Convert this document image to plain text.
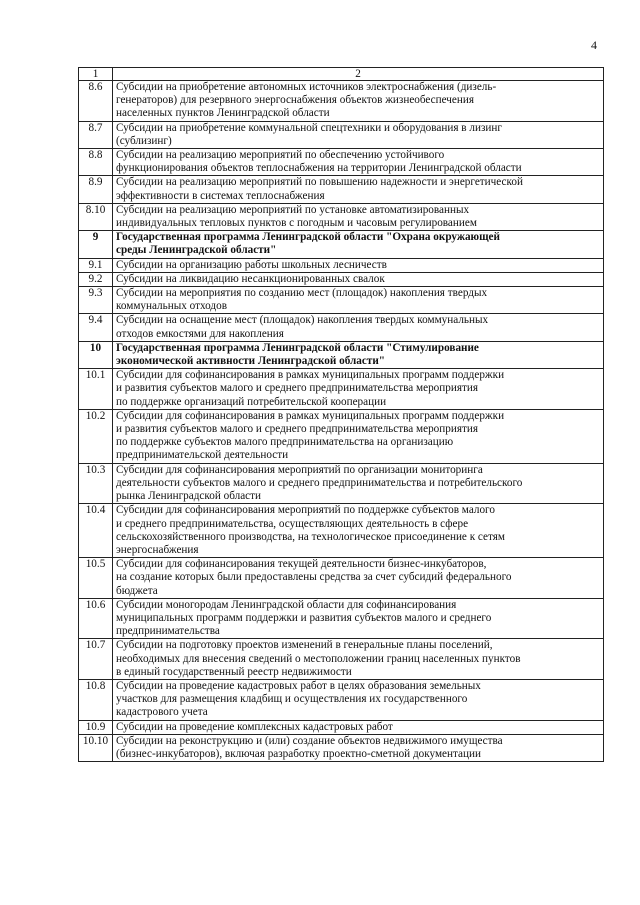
4
1	2
8.6	Субсидии на приобретение автономных источников электроснабжения (дизель-
генераторов) для резервного энергоснабжения объектов жизнеобеспечения
населенных пунктов Ленинградской области
8.7	Субсидии на приобретение коммунальной спецтехники и оборудования в лизинг
(сублизинг)
8.8	Субсидии на реализацию мероприятий по обеспечению устойчивого
функционирования объектов теплоснабжения на территории Ленинградской области
8.9	Субсидии на реализацию мероприятий по повышению надежности и энергетической
эффективности в системах теплоснабжения
8.10	Субсидии на реализацию мероприятий по установке автоматизированных
индивидуальных тепловых пунктов с погодным и часовым регулированием
9	Государственная программа Ленинградской области "Охрана окружающей
среды Ленинградской области"
9.1	Субсидии на организацию работы школьных лесничеств
9.2	Субсидии на ликвидацию несанкционированных свалок
9.3	Субсидии на мероприятия по созданию мест (площадок) накопления твердых
коммунальных отходов
9.4	Субсидии на оснащение мест (площадок) накопления твердых коммунальных
отходов емкостями для накопления
10	Государственная программа Ленинградской области "Стимулирование
экономической активности Ленинградской области"
10.1	Субсидии для софинансирования в рамках муниципальных программ поддержки
и развития субъектов малого и среднего предпринимательства мероприятия
по поддержке организаций потребительской кооперации
10.2	Субсидии для софинансирования в рамках муниципальных программ поддержки
и развития субъектов малого и среднего предпринимательства мероприятия
по поддержке субъектов малого предпринимательства на организацию
предпринимательской деятельности
10.3	Субсидии для софинансирования мероприятий по организации мониторинга
деятельности субъектов малого и среднего предпринимательства и потребительского
рынка Ленинградской области
10.4	Субсидии для софинансирования мероприятий по поддержке субъектов малого
и среднего предпринимательства, осуществляющих деятельность в сфере
сельскохозяйственного производства, на технологическое присоединение к сетям
энергоснабжения
10.5	Субсидии для софинансирования текущей деятельности бизнес-инкубаторов,
на создание которых были предоставлены средства за счет субсидий федерального
бюджета
10.6	Субсидии моногородам Ленинградской области для софинансирования
муниципальных программ поддержки и развития субъектов малого и среднего
предпринимательства
10.7	Субсидии на подготовку проектов изменений в генеральные планы поселений,
необходимых для внесения сведений о местоположении границ населенных пунктов
в единый государственный реестр недвижимости
10.8	Субсидии на проведение кадастровых работ в целях образования земельных
участков для размещения кладбищ и осуществления их государственного
кадастрового учета
10.9	Субсидии на проведение комплексных кадастровых работ
10.10	Субсидии на реконструкцию и (или) создание объектов недвижимого имущества
(бизнес-инкубаторов), включая разработку проектно-сметной документации
